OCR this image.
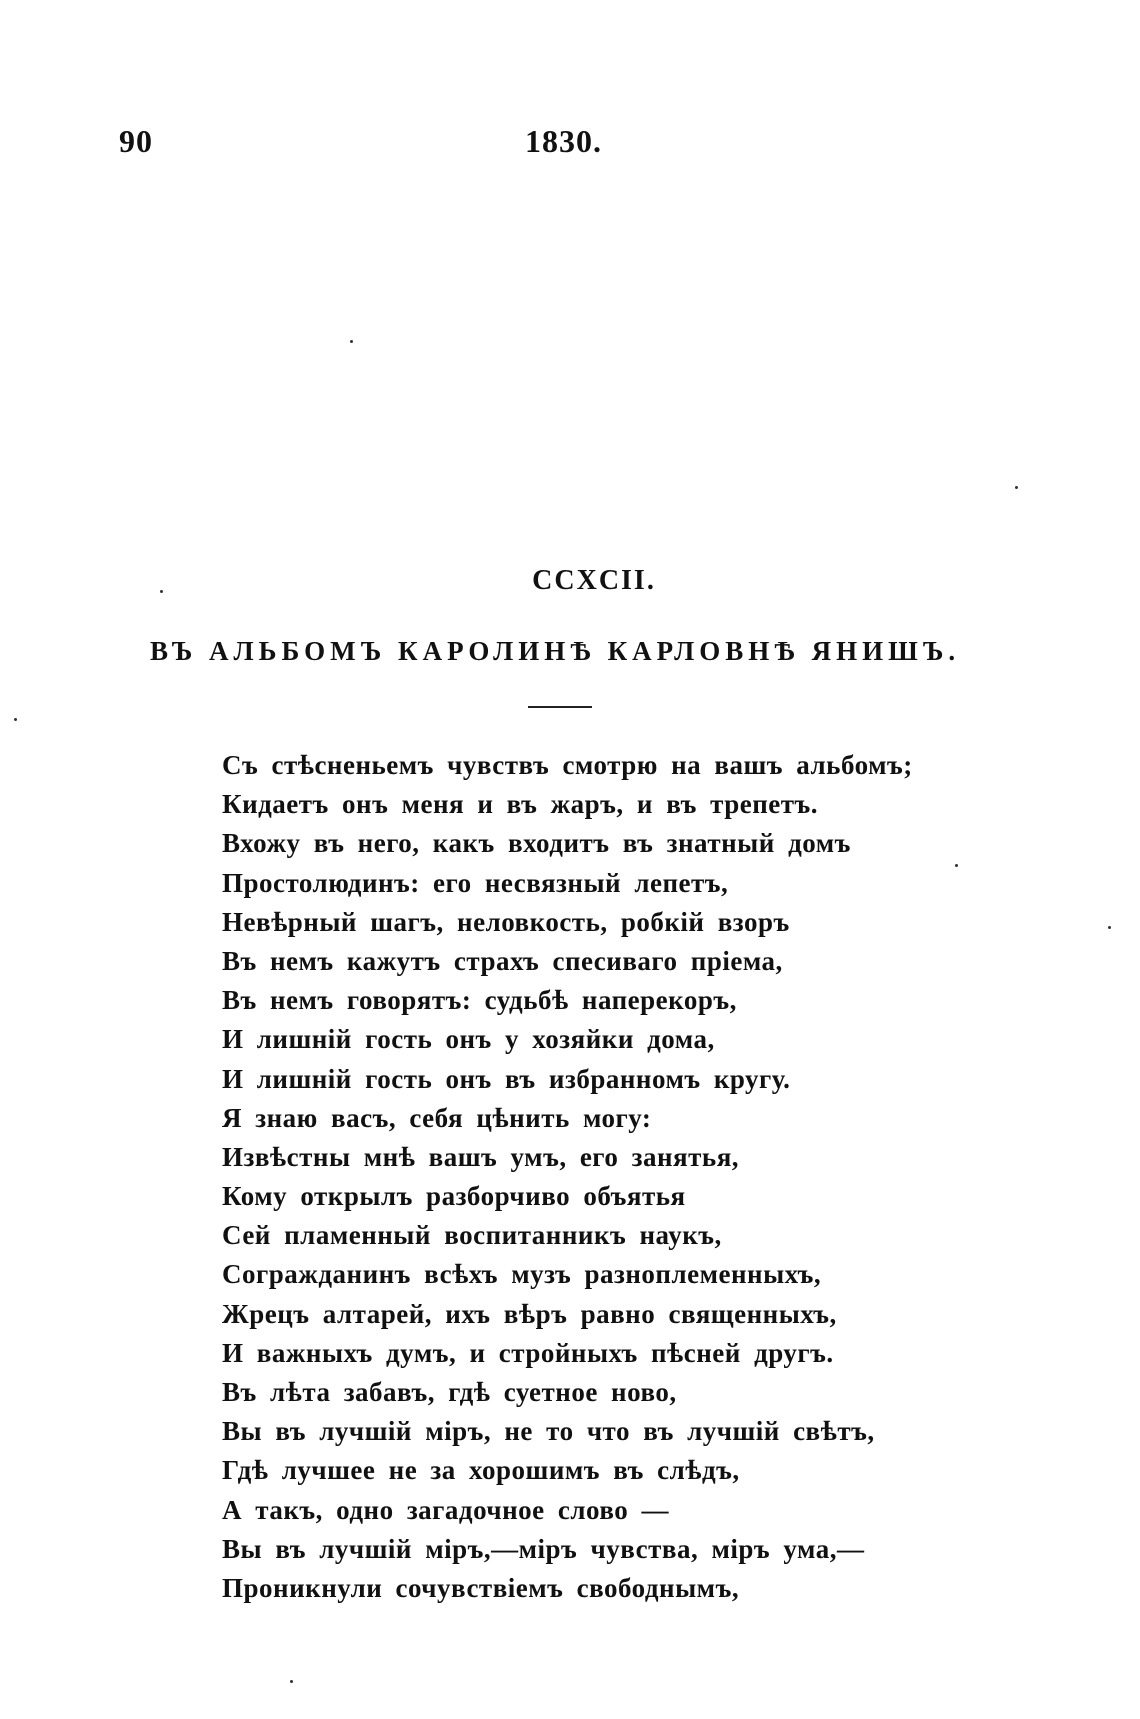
90	1830.
CCXCII.
ВЪ АЛЬБОМЪ КАРОЛИНѢ КАРЛОВНѢ ЯНИШЪ.
Съ стѣсненьемъ чувствъ смотрю на вашъ альбомъ;
Кидаетъ онъ меня и въ жаръ, и въ трепетъ.
Вхожу въ него, какъ входитъ въ знатный домъ
Простолюдинъ: его несвязный лепетъ,
Невѣрный шагъ, неловкость, робкій взоръ
Въ немъ кажутъ страхъ спесиваго пріема,
Въ немъ говорятъ: судьбѣ наперекоръ,
И лишній гость онъ у хозяйки дома,
И лишній гость онъ въ избранномъ кругу.
Я знаю васъ, себя цѣнить могу:
Извѣстны мнѣ вашъ умъ, его занятья,
Кому открылъ разборчиво объятья
Сей пламенный воспитанникъ наукъ,
Согражданинъ всѣхъ музъ разноплеменныхъ,
Жрецъ алтарей, ихъ вѣръ равно священныхъ,
И важныхъ думъ, и стройныхъ пѣсней другъ.
Въ лѣта забавъ, гдѣ суетное ново,
Вы въ лучшій міръ, не то что въ лучшій свѣтъ,
Гдѣ лучшее не за хорошимъ въ слѣдъ,
А такъ, одно загадочное слово —
Вы въ лучшій міръ,—міръ чувства, міръ ума,—
Проникнули сочувствіемъ свободнымъ,
